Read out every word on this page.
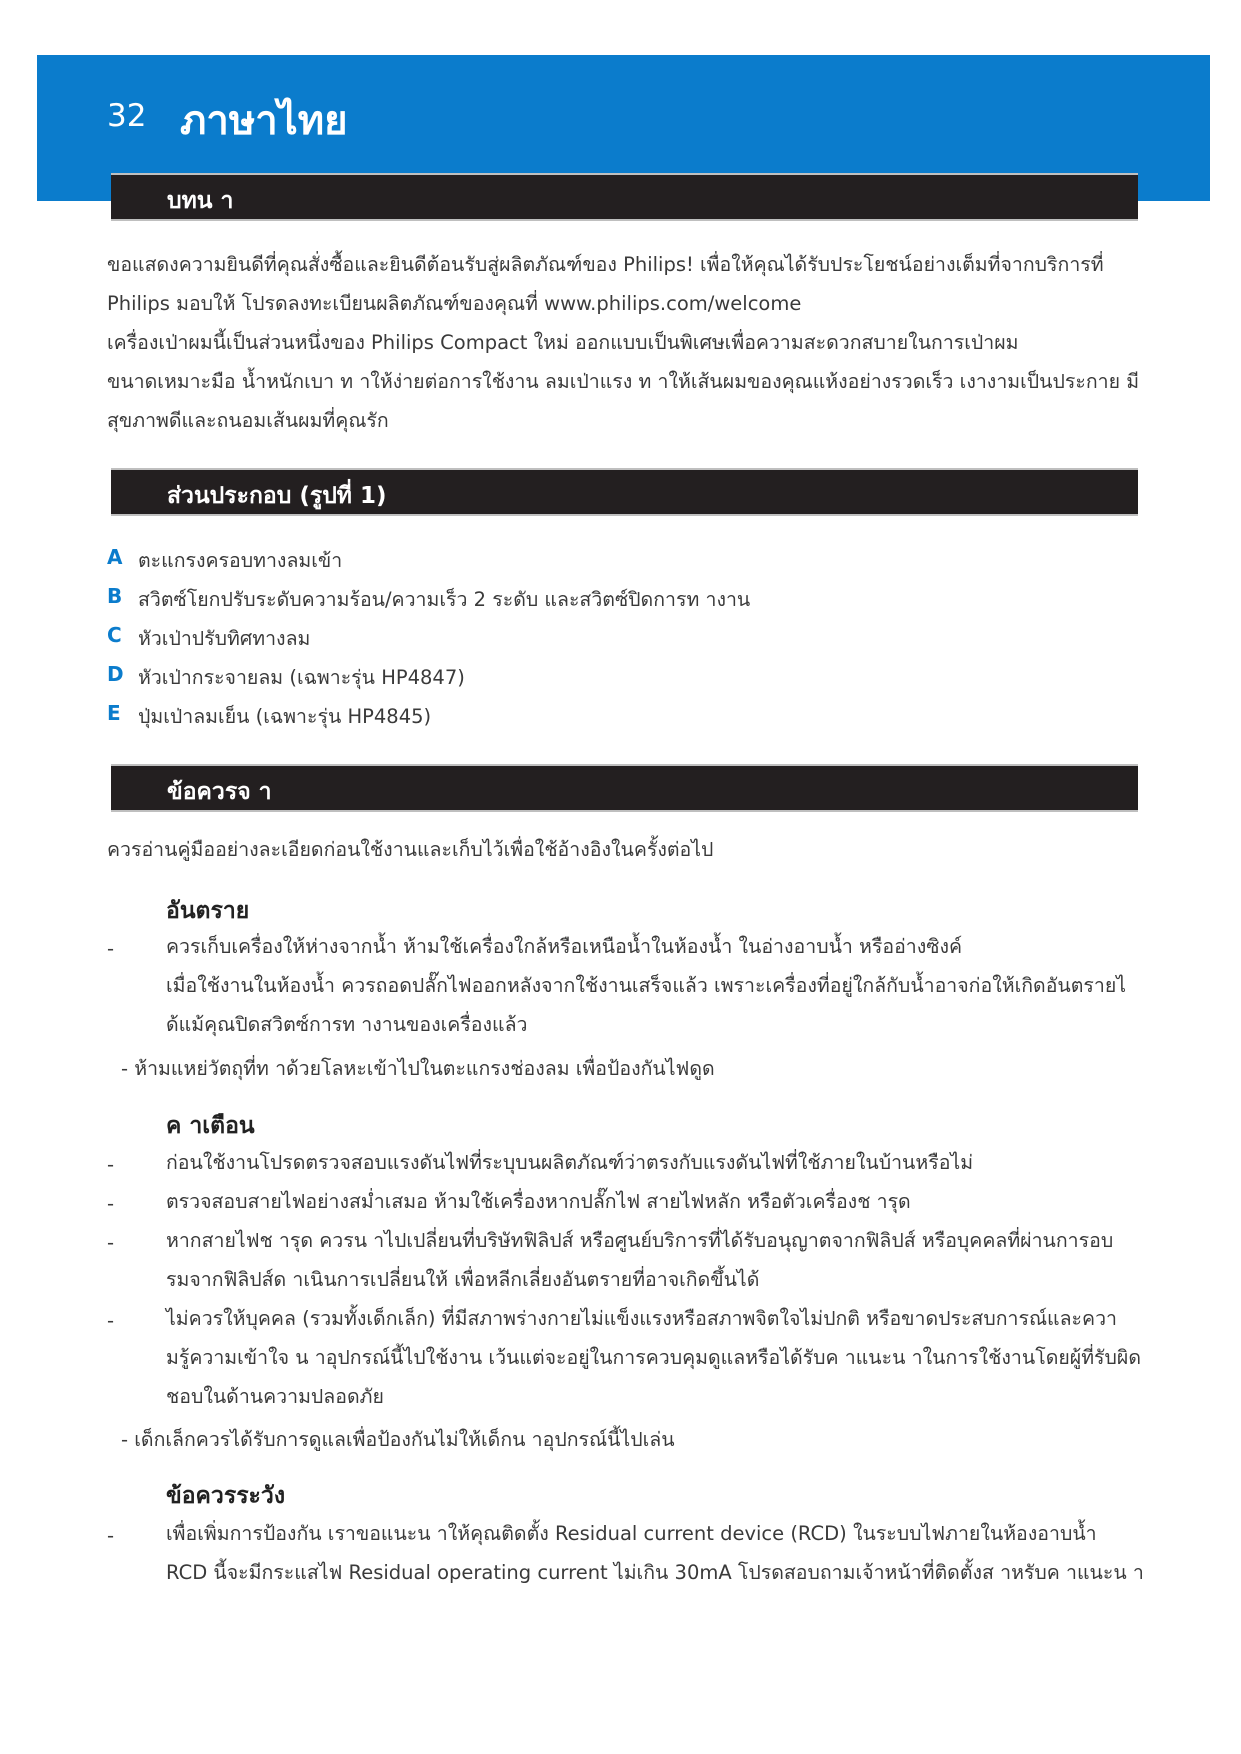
32 ภาษาไทย
บทน า
ขอแสดงความยินดีที่คุณสั่งซื้อและยินดีต้อนรับสู่ผลิตภัณฑ์ของ Philips! เพื่อให้คุณได้รับประโยชน์อย่างเต็มที่จากบริการที่
Philips มอบให้ โปรดลงทะเบียนผลิตภัณฑ์ของคุณที่ www.philips.com/welcome
เครื่องเป่าผมนี้เป็นส่วนหนึ่งของ Philips Compact ใหม่ ออกแบบเป็นพิเศษเพื่อความสะดวกสบายในการเป่าผม
ขนาดเหมาะมือ น้ำหนักเบา ท าให้ง่ายต่อการใช้งาน ลมเป่าแรง ท าให้เส้นผมของคุณแห้งอย่างรวดเร็ว เงางามเป็นประกาย มี
สุขภาพดีและถนอมเส้นผมที่คุณรัก
ส่วนประกอบ (รูปที่ 1)
A ตะแกรงครอบทางลมเข้า
B สวิตซ์โยกปรับระดับความร้อน/ความเร็ว 2 ระดับ และสวิตซ์ปิดการท างาน
C หัวเป่าปรับทิศทางลม
D หัวเป่ากระจายลม (เฉพาะรุ่น HP4847)
E ปุ่มเป่าลมเย็น (เฉพาะรุ่น HP4845)
ข้อควรจ า
ควรอ่านคู่มืออย่างละเอียดก่อนใช้งานและเก็บไว้เพื่อใช้อ้างอิงในครั้งต่อไป
อันตราย
-	ควรเก็บเครื่องให้ห่างจากน้ำ ห้ามใช้เครื่องใกล้หรือเหนือน้ำในห้องน้ำ ในอ่างอาบน้ำ หรืออ่างซิงค์
เมื่อใช้งานในห้องน้ำ ควรถอดปลั๊กไฟออกหลังจากใช้งานเสร็จแล้ว เพราะเครื่องที่อยู่ใกล้กับน้ำอาจก่อให้เกิดอันตรายไ
ด้แม้คุณปิดสวิตซ์การท างานของเครื่องแล้ว
- ห้ามแหย่วัตถุที่ท าด้วยโลหะเข้าไปในตะแกรงช่องลม เพื่อป้องกันไฟดูด
ค าเตือน
-	ก่อนใช้งานโปรดตรวจสอบแรงดันไฟที่ระบุบนผลิตภัณฑ์ว่าตรงกับแรงดันไฟที่ใช้ภายในบ้านหรือไม่
-	ตรวจสอบสายไฟอย่างสม่ำเสมอ ห้ามใช้เครื่องหากปลั๊กไฟ สายไฟหลัก หรือตัวเครื่องช ารุด
-	หากสายไฟช ารุด ควรน าไปเปลี่ยนที่บริษัทฟิลิปส์ หรือศูนย์บริการที่ได้รับอนุญาตจากฟิลิปส์ หรือบุคคลที่ผ่านการอบ
รมจากฟิลิปส์ด าเนินการเปลี่ยนให้ เพื่อหลีกเลี่ยงอันตรายที่อาจเกิดขึ้นได้
-	ไม่ควรให้บุคคล (รวมทั้งเด็กเล็ก) ที่มีสภาพร่างกายไม่แข็งแรงหรือสภาพจิตใจไม่ปกติ หรือขาดประสบการณ์และควา
มรู้ความเข้าใจ น าอุปกรณ์นี้ไปใช้งาน เว้นแต่จะอยู่ในการควบคุมดูแลหรือได้รับค าแนะน าในการใช้งานโดยผู้ที่รับผิด
ชอบในด้านความปลอดภัย
- เด็กเล็กควรได้รับการดูแลเพื่อป้องกันไม่ให้เด็กน าอุปกรณ์นี้ไปเล่น
ข้อควรระวัง
-	เพื่อเพิ่มการป้องกัน เราขอแนะน าให้คุณติดตั้ง Residual current device (RCD) ในระบบไฟภายในห้องอาบน้ำ
RCD นี้จะมีกระแสไฟ Residual operating current ไม่เกิน 30mA โปรดสอบถามเจ้าหน้าที่ติดตั้งส าหรับค าแนะน า
